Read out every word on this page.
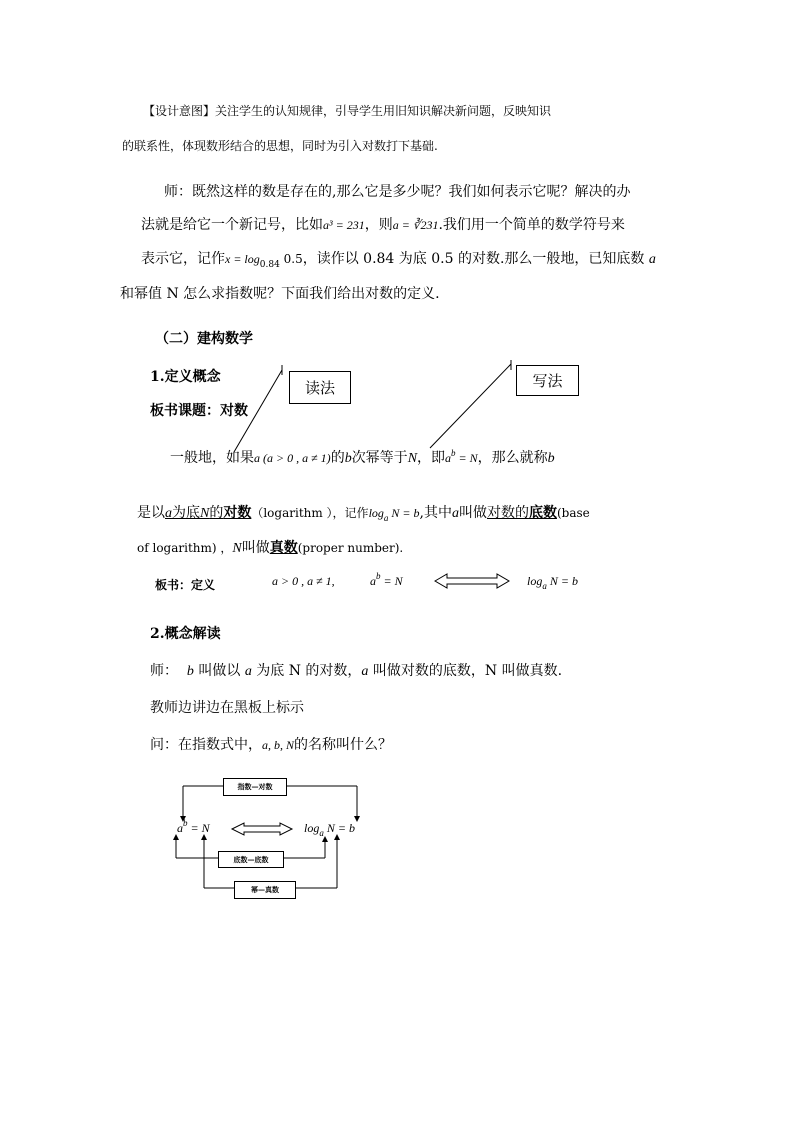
【设计意图】关注学生的认知规律，引导学生用旧知识解决新问题，反映知识
的联系性，体现数形结合的思想，同时为引入对数打下基础.
师：既然这样的数是存在的,那么它是多少呢？我们如何表示它呢？解决的办
法就是给它一个新记号，比如a³ = 231，则a = ∛231.我们用一个简单的数学符号来
表示它，记作$x = \log_{0.84} 0.5$，读作以 0.84 为底 0.5 的对数.那么一般地，已知底数 a
和幂值 N 怎么求指数呢？下面我们给出对数的定义.
（二）建构数学
1.定义概念
板书课题：对数
读法	写法
一般地，如果a (a > 0 , a ≠ 1)的b次幂等于N，即$a^b = N$，那么就称b
是以a为底N的对数（logarithm ），记作$\log_a N = b$,其中a叫做对数的底数(base
of logarithm) ，N叫做真数(proper number).
板书：定义	a > 0 , a ≠ 1,	$a^b = N$	$\log_a N = b$
2.概念解读
师： b 叫做以 a 为底 N 的对数，a 叫做对数的底数，N 叫做真数.
教师边讲边在黑板上标示
问：在指数式中，a, b, N的名称叫什么？
指数—对数
底数—底数
幂—真数
$a^b = N$	$\log_a N = b$
